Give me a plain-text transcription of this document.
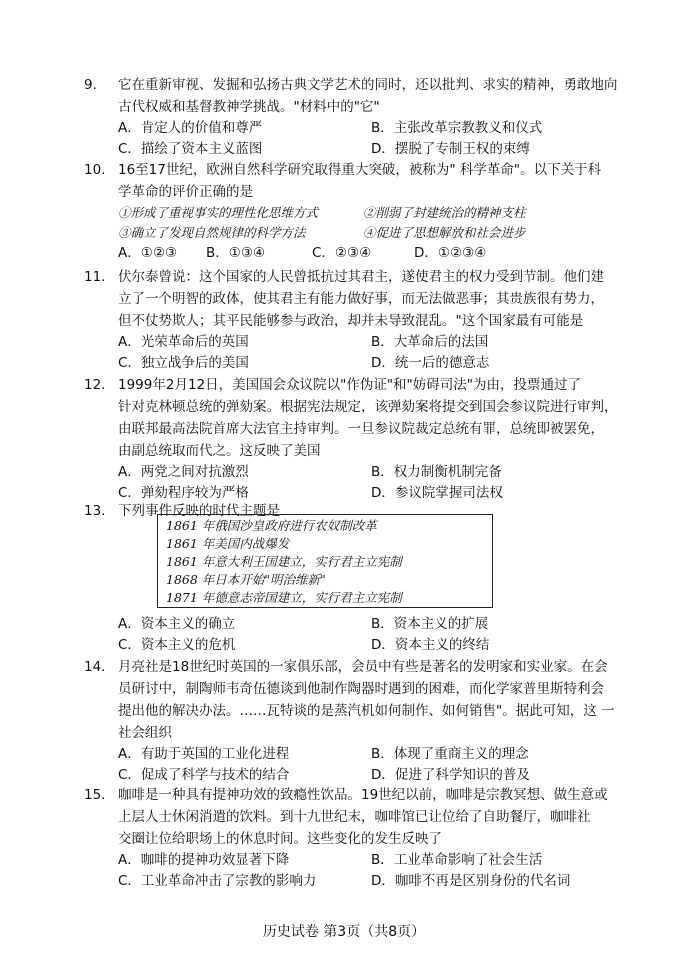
9. 它在重新审视、发掘和弘扬古典文学艺术的同时，还以批判、求实的精神，勇敢地向
古代权威和基督教神学挑战。"材料中的"它"
A．肯定人的价值和尊严	B．主张改革宗教教义和仪式
C．描绘了资本主义蓝图	D．摆脱了专制王权的束缚
10. 16至17世纪，欧洲自然科学研究取得重大突破，被称为" 科学革命"。以下关于科
学革命的评价正确的是
①形成了重视事实的理性化思维方式	②削弱了封建统治的精神支柱
③确立了发现自然规律的科学方法	④促进了思想解放和社会进步
A．①②③ B．①③④	C．②③④	D．①②③④
11. 伏尔泰曾说：这个国家的人民曾抵抗过其君主，遂使君主的权力受到节制。他们建
立了一个明智的政体，使其君主有能力做好事，而无法做恶事；其贵族很有势力，
但不仗势欺人；其平民能够参与政治，却并未导致混乱。"这个国家最有可能是
A．光荣革命后的英国	B．大革命后的法国
C．独立战争后的美国	D．统一后的德意志
12. 1999年2月12日，美国国会众议院以"作伪证"和"妨碍司法"为由，投票通过了
针对克林顿总统的弹劾案。根据宪法规定，该弹劾案将提交到国会参议院进行审判，
由联邦最高法院首席大法官主持审判。一旦参议院裁定总统有罪，总统即被罢免，
由副总统取而代之。这反映了美国
A．两党之间对抗激烈	B．权力制衡机制完备
C．弹劾程序较为严格	D．参议院掌握司法权
13. 下列事件反映的时代主题是
1861 年俄国沙皇政府进行农奴制改革
1861 年美国内战爆发
1861 年意大利王国建立，实行君主立宪制
1868 年日本开始"明治维新"
1871 年德意志帝国建立，实行君主立宪制
A．资本主义的确立	B．资本主义的扩展
C．资本主义的危机	D．资本主义的终结
14. 月亮社是18世纪时英国的一家俱乐部，会员中有些是著名的发明家和实业家。在会
员研讨中，制陶师韦奇伍德谈到他制作陶器时遇到的困难，而化学家普里斯特利会
提出他的解决办法。……瓦特谈的是蒸汽机如何制作、如何销售"。据此可知，这 一
社会组织
A．有助于英国的工业化进程	B．体现了重商主义的理念
C．促成了科学与技术的结合	D．促进了科学知识的普及
15. 咖啡是一种具有提神功效的致瘾性饮品。19世纪以前，咖啡是宗教冥想、做生意或
上层人士休闲消遣的饮料。到十九世纪末，咖啡馆已让位给了自助餐厅，咖啡社
交圈让位给职场上的休息时间。这些变化的发生反映了
A．咖啡的提神功效显著下降	B．工业革命影响了社会生活
C．工业革命冲击了宗教的影响力	D．咖啡不再是区别身份的代名词
历史试卷 第3页（共8页）
